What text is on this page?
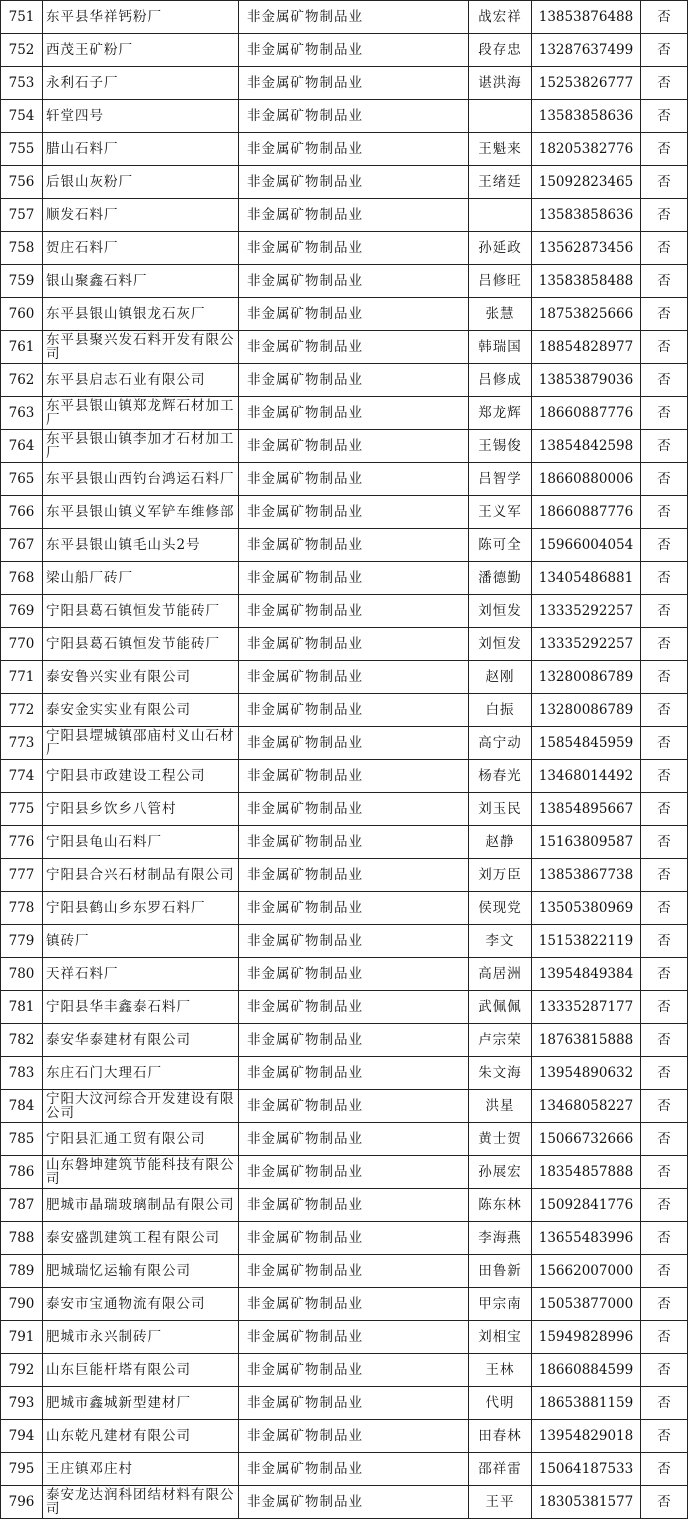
751	东平县华祥钙粉厂	非金属矿物制品业	战宏祥	13853876488	否
752	西茂王矿粉厂	非金属矿物制品业	段存忠	13287637499	否
753	永利石子厂	非金属矿物制品业	谌洪海	15253826777	否
754	轩堂四号	非金属矿物制品业		13583858636	否
755	腊山石料厂	非金属矿物制品业	王魁来	18205382776	否
756	后银山灰粉厂	非金属矿物制品业	王绪廷	15092823465	否
757	顺发石料厂	非金属矿物制品业		13583858636	否
758	贺庄石料厂	非金属矿物制品业	孙延政	13562873456	否
759	银山聚鑫石料厂	非金属矿物制品业	吕修旺	13583858488	否
760	东平县银山镇银龙石灰厂	非金属矿物制品业	张慧	18753825666	否
761	东平县聚兴发石料开发有限公司	非金属矿物制品业	韩瑞国	18854828977	否
762	东平县启志石业有限公司	非金属矿物制品业	吕修成	13853879036	否
763	东平县银山镇郑龙辉石材加工厂	非金属矿物制品业	郑龙辉	18660887776	否
764	东平县银山镇李加才石材加工厂	非金属矿物制品业	王锡俊	13854842598	否
765	东平县银山西钓台鸿运石料厂	非金属矿物制品业	吕智学	18660880006	否
766	东平县银山镇义军铲车维修部	非金属矿物制品业	王义军	18660887776	否
767	东平县银山镇毛山头2号	非金属矿物制品业	陈可全	15966004054	否
768	梁山船厂砖厂	非金属矿物制品业	潘德勤	13405486881	否
769	宁阳县葛石镇恒发节能砖厂	非金属矿物制品业	刘恒发	13335292257	否
770	宁阳县葛石镇恒发节能砖厂	非金属矿物制品业	刘恒发	13335292257	否
771	泰安鲁兴实业有限公司	非金属矿物制品业	赵刚	13280086789	否
772	泰安金实实业有限公司	非金属矿物制品业	白振	13280086789	否
773	宁阳县堽城镇邵庙村义山石材厂	非金属矿物制品业	高宁动	15854845959	否
774	宁阳县市政建设工程公司	非金属矿物制品业	杨春光	13468014492	否
775	宁阳县乡饮乡八管村	非金属矿物制品业	刘玉民	13854895667	否
776	宁阳县龟山石料厂	非金属矿物制品业	赵静	15163809587	否
777	宁阳县合兴石材制品有限公司	非金属矿物制品业	刘万臣	13853867738	否
778	宁阳县鹤山乡东罗石料厂	非金属矿物制品业	侯现党	13505380969	否
779	镇砖厂	非金属矿物制品业	李文	15153822119	否
780	天祥石料厂	非金属矿物制品业	高居洲	13954849384	否
781	宁阳县华丰鑫泰石料厂	非金属矿物制品业	武佩佩	13335287177	否
782	泰安华泰建材有限公司	非金属矿物制品业	卢宗荣	18763815888	否
783	东庄石门大理石厂	非金属矿物制品业	朱文海	13954890632	否
784	宁阳大汶河综合开发建设有限公司	非金属矿物制品业	洪星	13468058227	否
785	宁阳县汇通工贸有限公司	非金属矿物制品业	黄士贺	15066732666	否
786	山东磐坤建筑节能科技有限公司	非金属矿物制品业	孙展宏	18354857888	否
787	肥城市晶瑞玻璃制品有限公司	非金属矿物制品业	陈东林	15092841776	否
788	泰安盛凯建筑工程有限公司	非金属矿物制品业	李海燕	13655483996	否
789	肥城瑞忆运输有限公司	非金属矿物制品业	田鲁新	15662007000	否
790	泰安市宝通物流有限公司	非金属矿物制品业	甲宗南	15053877000	否
791	肥城市永兴制砖厂	非金属矿物制品业	刘相宝	15949828996	否
792	山东巨能杆塔有限公司	非金属矿物制品业	王林	18660884599	否
793	肥城市鑫城新型建材厂	非金属矿物制品业	代明	18653881159	否
794	山东乾凡建材有限公司	非金属矿物制品业	田春林	13954829018	否
795	王庄镇邓庄村	非金属矿物制品业	邵祥雷	15064187533	否
796	泰安龙达润科团结材料有限公司	非金属矿物制品业	王平	18305381577	否
